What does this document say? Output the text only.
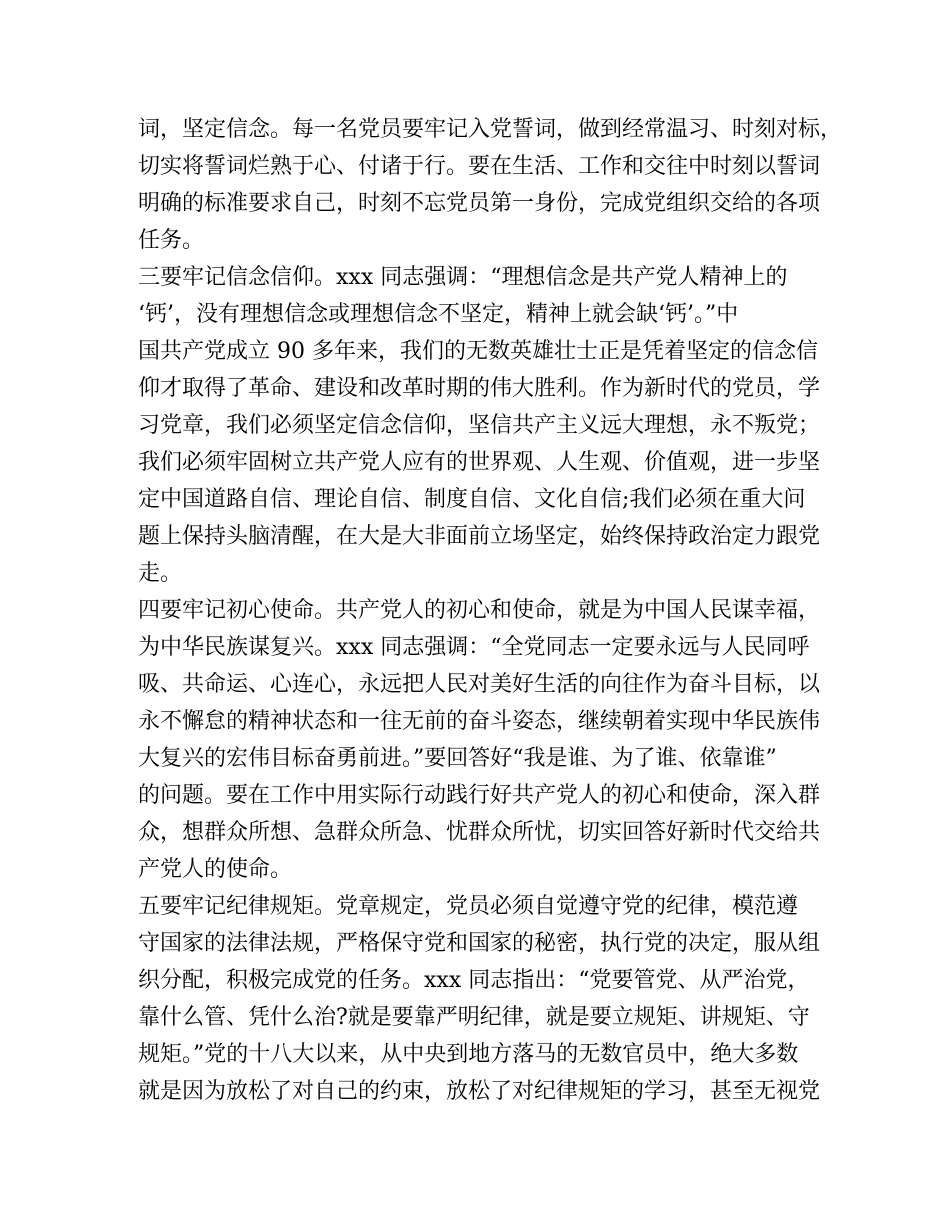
词，坚定信念。每一名党员要牢记入党誓词，做到经常温习、时刻对标，
切实将誓词烂熟于心、付诸于行。要在生活、工作和交往中时刻以誓词
明确的标准要求自己，时刻不忘党员第一身份，完成党组织交给的各项
任务。
三要牢记信念信仰。xxx 同志强调：“理想信念是共产党人精神上的
‘钙’，没有理想信念或理想信念不坚定，精神上就会缺‘钙’。”中
国共产党成立 90 多年来，我们的无数英雄壮士正是凭着坚定的信念信
仰才取得了革命、建设和改革时期的伟大胜利。作为新时代的党员，学
习党章，我们必须坚定信念信仰，坚信共产主义远大理想，永不叛党；
我们必须牢固树立共产党人应有的世界观、人生观、价值观，进一步坚
定中国道路自信、理论自信、制度自信、文化自信;我们必须在重大问
题上保持头脑清醒，在大是大非面前立场坚定，始终保持政治定力跟党
走。
四要牢记初心使命。共产党人的初心和使命，就是为中国人民谋幸福，
为中华民族谋复兴。xxx 同志强调：“全党同志一定要永远与人民同呼
吸、共命运、心连心，永远把人民对美好生活的向往作为奋斗目标，以
永不懈怠的精神状态和一往无前的奋斗姿态，继续朝着实现中华民族伟
大复兴的宏伟目标奋勇前进。”要回答好“我是谁、为了谁、依靠谁”
的问题。要在工作中用实际行动践行好共产党人的初心和使命，深入群
众，想群众所想、急群众所急、忧群众所忧，切实回答好新时代交给共
产党人的使命。
五要牢记纪律规矩。党章规定，党员必须自觉遵守党的纪律，模范遵
守国家的法律法规，严格保守党和国家的秘密，执行党的决定，服从组
织分配，积极完成党的任务。xxx 同志指出：“党要管党、从严治党，
靠什么管、凭什么治?就是要靠严明纪律，就是要立规矩、讲规矩、守
规矩。”党的十八大以来，从中央到地方落马的无数官员中，绝大多数
就是因为放松了对自己的约束，放松了对纪律规矩的学习，甚至无视党
